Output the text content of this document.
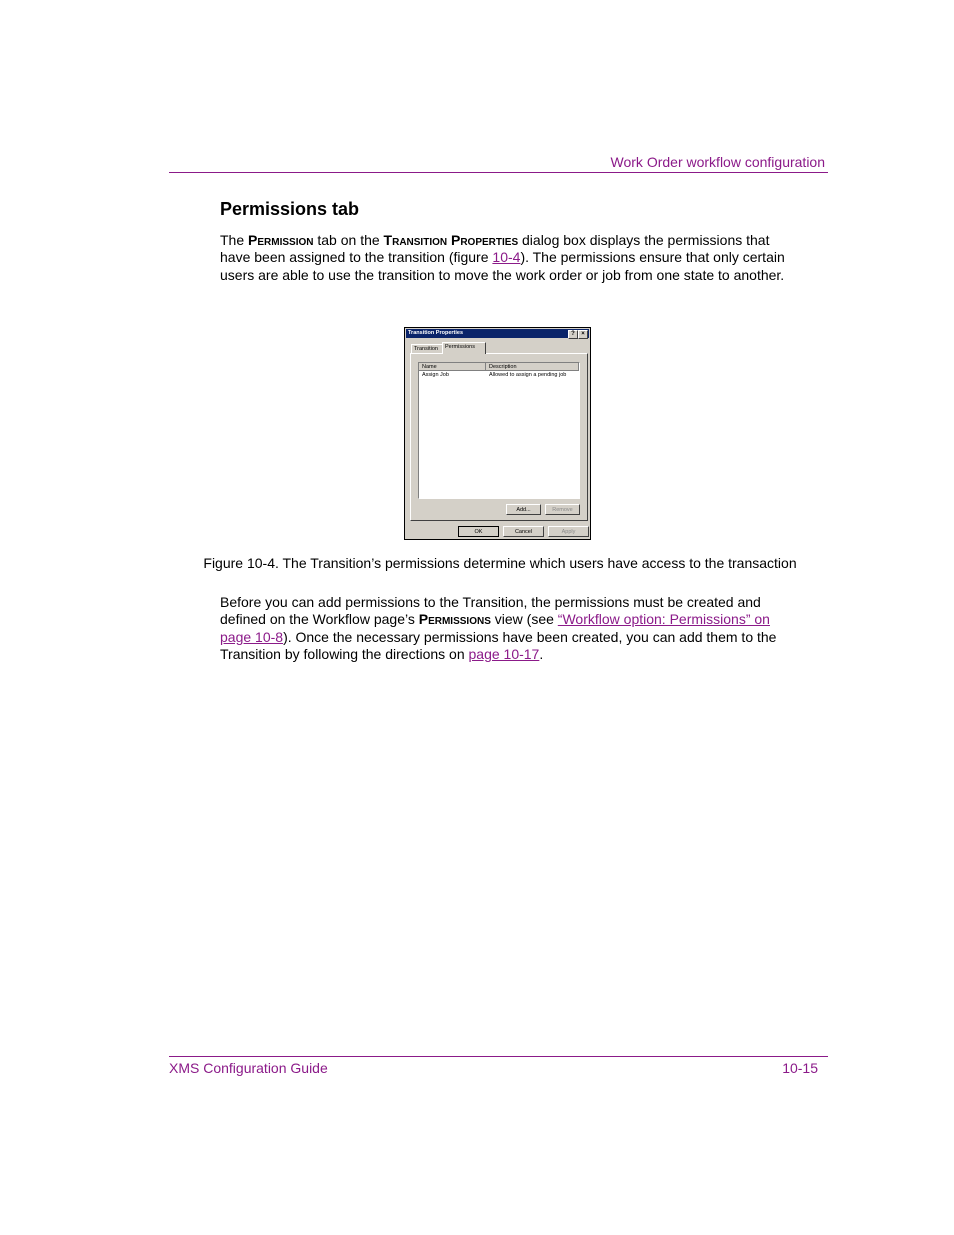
Work Order workflow configuration
Permissions tab
The Permission tab on the Transition Properties dialog box displays the permissions that have been assigned to the transition (figure 10-4). The permissions ensure that only certain users are able to use the transition to move the work order or job from one state to another.
Transition Properties	?	×
Transition	Permissions
Name	Description
Assign Job	Allowed to assign a pending job
Add...	Remove
OK	Cancel	Apply
Figure 10-4. The Transition’s permissions determine which users have access to the transaction
Before you can add permissions to the Transition, the permissions must be created and defined on the Workflow page’s Permissions view (see “Workflow option: Permissions” on page 10-8). Once the necessary permissions have been created, you can add them to the Transition by following the directions on page 10-17.
XMS Configuration Guide	10-15
